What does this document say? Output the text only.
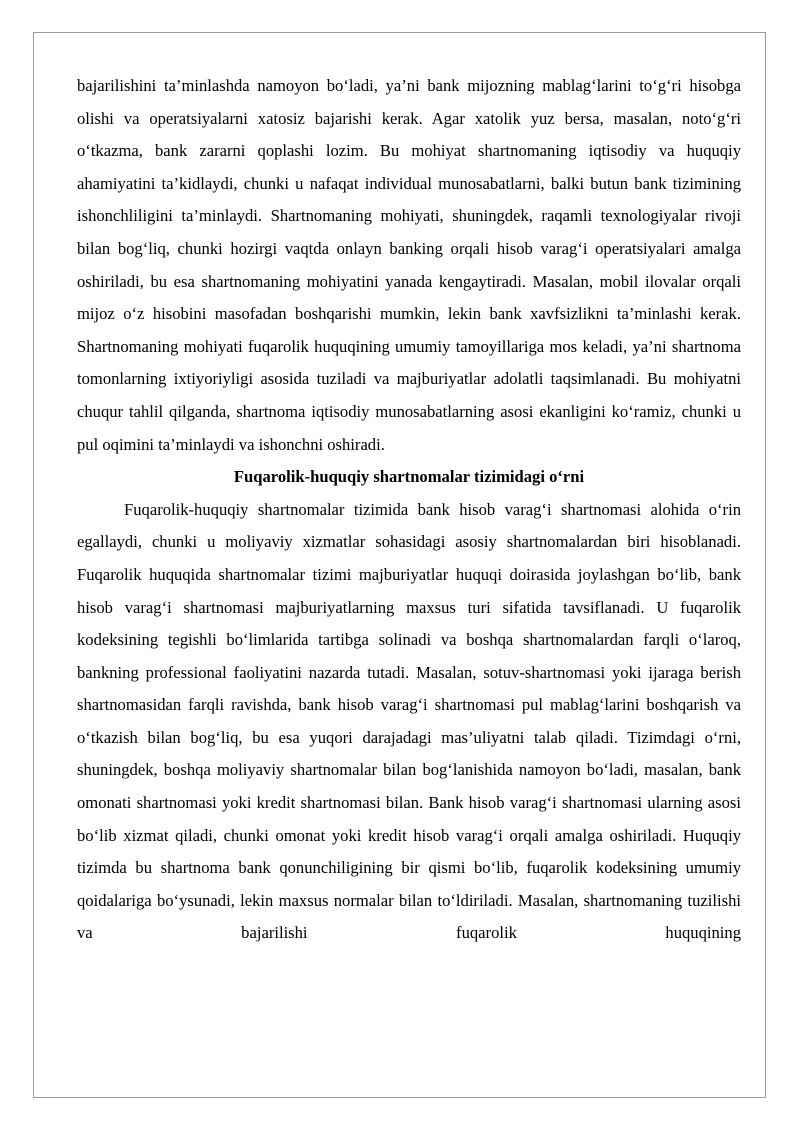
bajarilishini ta’minlashda namoyon bo‘ladi, ya’ni bank mijozning mablag‘larini to‘g‘ri hisobga olishi va operatsiyalarni xatosiz bajarishi kerak. Agar xatolik yuz bersa, masalan, noto‘g‘ri o‘tkazma, bank zararni qoplashi lozim. Bu mohiyat shartnomaning iqtisodiy va huquqiy ahamiyatini ta’kidlaydi, chunki u nafaqat individual munosabatlarni, balki butun bank tizimining ishonchliligini ta’minlaydi. Shartnomaning mohiyati, shuningdek, raqamli texnologiyalar rivoji bilan bog‘liq, chunki hozirgi vaqtda onlayn banking orqali hisob varag‘i operatsiyalari amalga oshiriladi, bu esa shartnomaning mohiyatini yanada kengaytiradi. Masalan, mobil ilovalar orqali mijoz o‘z hisobini masofadan boshqarishi mumkin, lekin bank xavfsizlikni ta’minlashi kerak. Shartnomaning mohiyati fuqarolik huquqining umumiy tamoyillariga mos keladi, ya’ni shartnoma tomonlarning ixtiyoriyligi asosida tuziladi va majburiyatlar adolatli taqsimlanadi. Bu mohiyatni chuqur tahlil qilganda, shartnoma iqtisodiy munosabatlarning asosi ekanligini ko‘ramiz, chunki u pul oqimini ta’minlaydi va ishonchni oshiradi.

Fuqarolik-huquqiy shartnomalar tizimidagi o‘rni

Fuqarolik-huquqiy shartnomalar tizimida bank hisob varag‘i shartnomasi alohida o‘rin egallaydi, chunki u moliyaviy xizmatlar sohasidagi asosiy shartnomalardan biri hisoblanadi. Fuqarolik huquqida shartnomalar tizimi majburiyatlar huquqi doirasida joylashgan bo‘lib, bank hisob varag‘i shartnomasi majburiyatlarning maxsus turi sifatida tavsiflanadi. U fuqarolik kodeksining tegishli bo‘limlarida tartibga solinadi va boshqa shartnomalardan farqli o‘laroq, bankning professional faoliyatini nazarda tutadi. Masalan, sotuv-shartnomasi yoki ijaraga berish shartnomasidan farqli ravishda, bank hisob varag‘i shartnomasi pul mablag‘larini boshqarish va o‘tkazish bilan bog‘liq, bu esa yuqori darajadagi mas’uliyatni talab qiladi. Tizimdagi o‘rni, shuningdek, boshqa moliyaviy shartnomalar bilan bog‘lanishida namoyon bo‘ladi, masalan, bank omonati shartnomasi yoki kredit shartnomasi bilan. Bank hisob varag‘i shartnomasi ularning asosi bo‘lib xizmat qiladi, chunki omonat yoki kredit hisob varag‘i orqali amalga oshiriladi. Huquqiy tizimda bu shartnoma bank qonunchiligining bir qismi bo‘lib, fuqarolik kodeksining umumiy qoidalariga bo‘ysunadi, lekin maxsus normalar bilan to‘ldiriladi. Masalan, shartnomaning tuzilishi va bajarilishi fuqarolik huquqining
